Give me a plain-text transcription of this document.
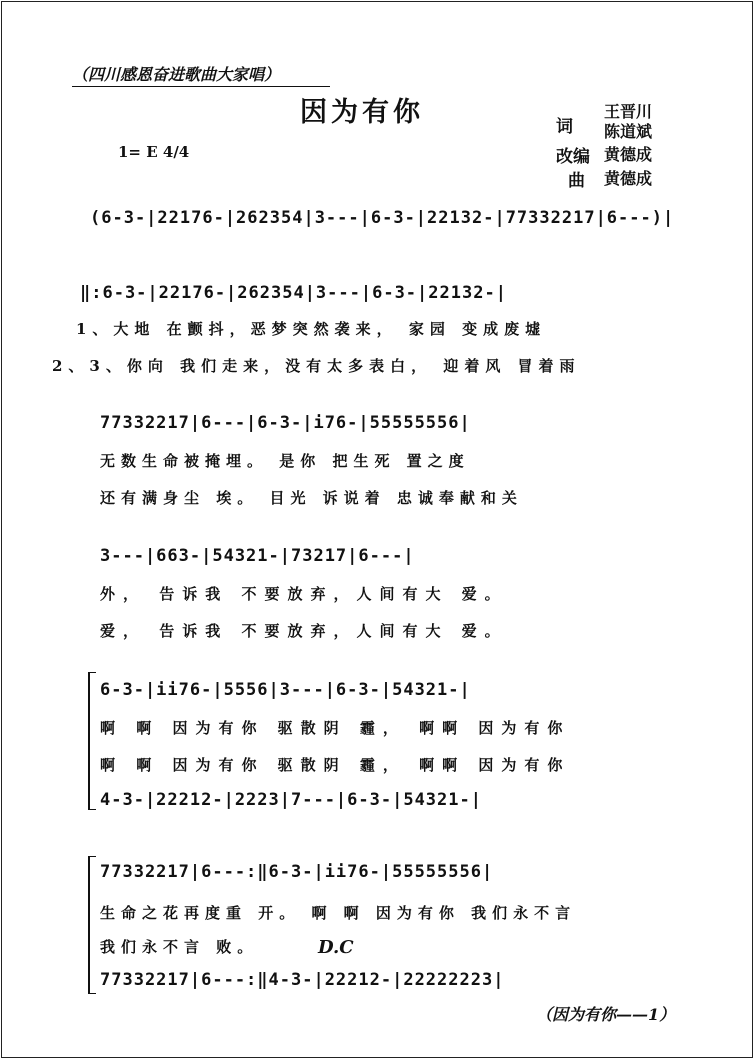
（四川感恩奋进歌曲大家唱）
因为有你
1= E 4/4
词
王晋川
陈道斌
改编 黄德成
曲 黄德成
(6-3-|22176-|262354|3---|6-3-|22132-|77332217|6---)|
‖:6-3-|22176-|262354|3---|6-3-|22132-|
1、大地 在颤抖，恶梦突然袭来， 家园 变成废墟
2、3、你向 我们走来，没有太多表白， 迎着风 冒着雨
77332217|6---|6-3-|i76-|55555556|
无数生命被掩埋。 是你 把生死 置之度
还有满身尘 埃。 目光 诉说着 忠诚奉献和关
3---|663-|54321-|73217|6---|
外， 告诉我 不要放弃，人间有大 爱。
爱， 告诉我 不要放弃，人间有大 爱。
6-3-|ii76-|5556|3---|6-3-|54321-|
啊 啊 因为有你 驱散阴 霾， 啊啊 因为有你
啊 啊 因为有你 驱散阴 霾， 啊啊 因为有你
4-3-|22212-|2223|7---|6-3-|54321-|
77332217|6---:‖6-3-|ii76-|55555556|
生命之花再度重 开。 啊 啊 因为有你 我们永不言
我们永不言 败。	D.C
77332217|6---:‖4-3-|22212-|22222223|
（因为有你——1）
